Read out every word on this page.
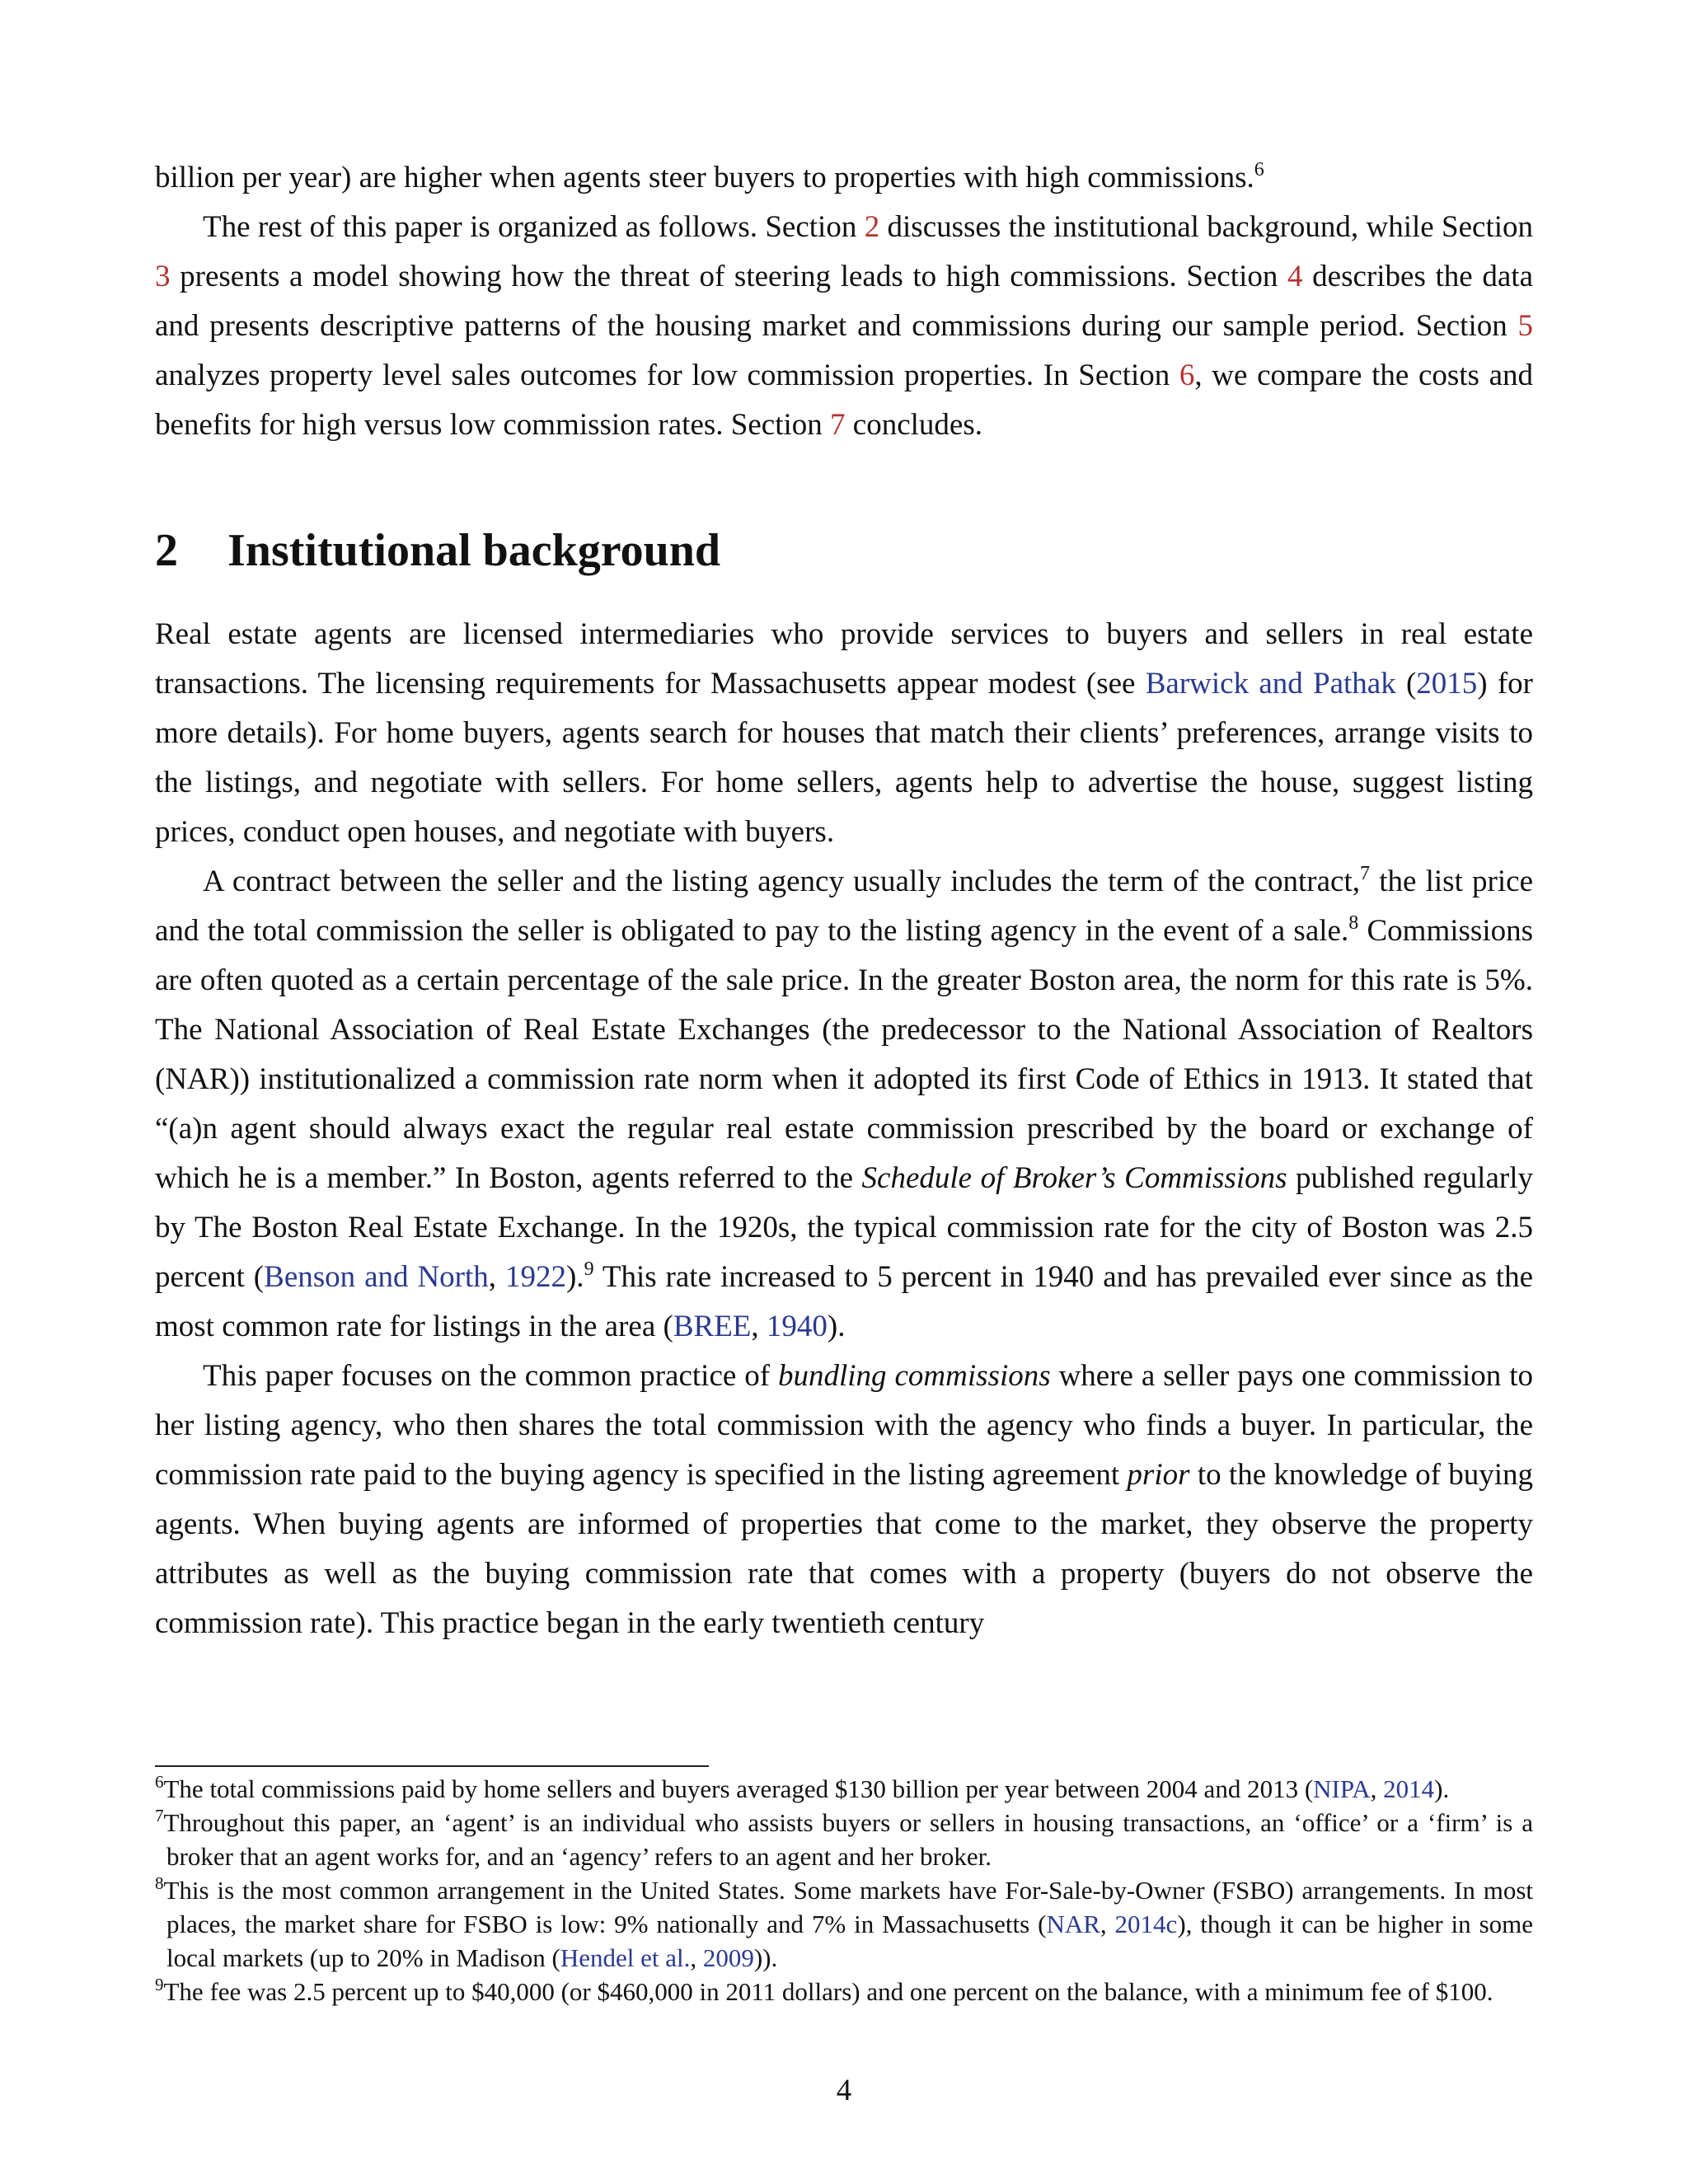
billion per year) are higher when agents steer buyers to properties with high commissions.$^6$

The rest of this paper is organized as follows. Section 2 discusses the institutional background, while Section 3 presents a model showing how the threat of steering leads to high commissions. Section 4 describes the data and presents descriptive patterns of the housing market and commissions during our sample period. Section 5 analyzes property level sales outcomes for low commission properties. In Section 6, we compare the costs and benefits for high versus low commission rates. Section 7 concludes.

2 Institutional background

Real estate agents are licensed intermediaries who provide services to buyers and sellers in real estate transactions. The licensing requirements for Massachusetts appear modest (see Barwick and Pathak (2015) for more details). For home buyers, agents search for houses that match their clients’ preferences, arrange visits to the listings, and negotiate with sellers. For home sellers, agents help to advertise the house, suggest listing prices, conduct open houses, and negotiate with buyers.

A contract between the seller and the listing agency usually includes the term of the contract,$^7$ the list price and the total commission the seller is obligated to pay to the listing agency in the event of a sale.$^8$ Commissions are often quoted as a certain percentage of the sale price. In the greater Boston area, the norm for this rate is 5%. The National Association of Real Estate Exchanges (the predecessor to the National Association of Realtors (NAR)) institutionalized a commission rate norm when it adopted its first Code of Ethics in 1913. It stated that “(a)n agent should always exact the regular real estate commission prescribed by the board or exchange of which he is a member.” In Boston, agents referred to the Schedule of Broker’s Commissions published regularly by The Boston Real Estate Exchange. In the 1920s, the typical commission rate for the city of Boston was 2.5 percent (Benson and North, 1922).$^9$ This rate increased to 5 percent in 1940 and has prevailed ever since as the most common rate for listings in the area (BREE, 1940).

This paper focuses on the common practice of bundling commissions where a seller pays one commission to her listing agency, who then shares the total commission with the agency who finds a buyer. In particular, the commission rate paid to the buying agency is specified in the listing agreement prior to the knowledge of buying agents. When buying agents are informed of properties that come to the market, they observe the property attributes as well as the buying commission rate that comes with a property (buyers do not observe the commission rate). This practice began in the early twentieth century

$^6$The total commissions paid by home sellers and buyers averaged $130 billion per year between 2004 and 2013 (NIPA, 2014).

$^7$Throughout this paper, an ‘agent’ is an individual who assists buyers or sellers in housing transactions, an ‘office’ or a ‘firm’ is a broker that an agent works for, and an ‘agency’ refers to an agent and her broker.

$^8$This is the most common arrangement in the United States. Some markets have For-Sale-by-Owner (FSBO) arrangements. In most places, the market share for FSBO is low: 9% nationally and 7% in Massachusetts (NAR, 2014c), though it can be higher in some local markets (up to 20% in Madison (Hendel et al., 2009)).

$^9$The fee was 2.5 percent up to $40,000 (or $460,000 in 2011 dollars) and one percent on the balance, with a minimum fee of $100.

4
